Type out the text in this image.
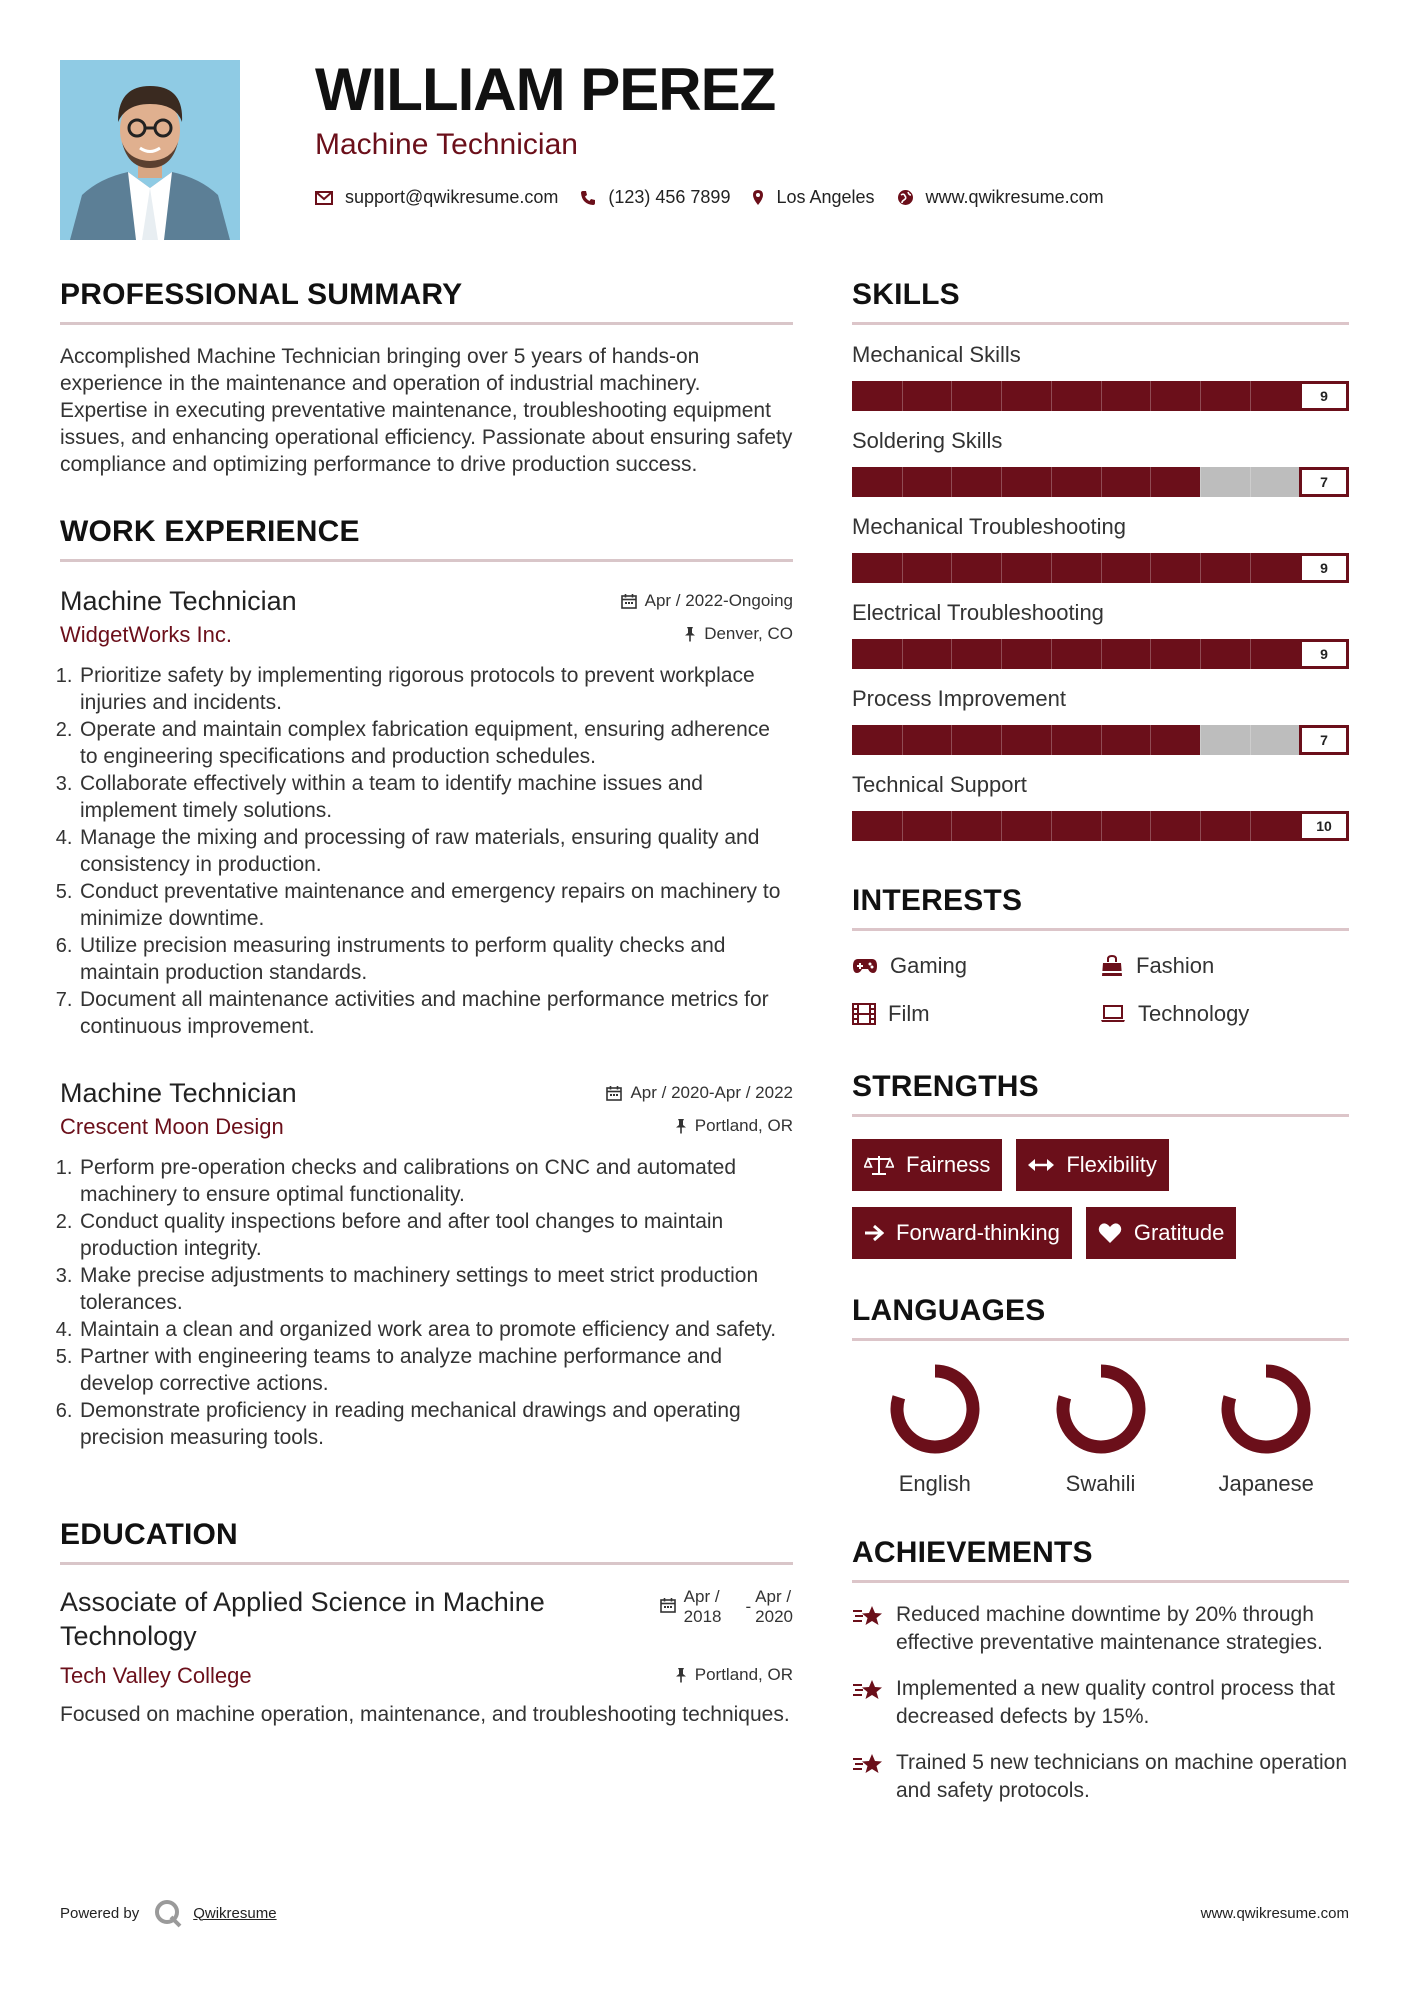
WILLIAM PEREZ
Machine Technician
support@qwikresume.com	(123) 456 7899	Los Angeles	www.qwikresume.com
PROFESSIONAL SUMMARY

Accomplished Machine Technician bringing over 5 years of hands-on experience in the maintenance and operation of industrial machinery. Expertise in executing preventative maintenance, troubleshooting equipment issues, and enhancing operational efficiency. Passionate about ensuring safety compliance and optimizing performance to drive production success.

WORK EXPERIENCE
Machine Technician	Apr / 2022-Ongoing
WidgetWorks Inc.	Denver, CO
1. Prioritize safety by implementing rigorous protocols to prevent workplace injuries and incidents.
2. Operate and maintain complex fabrication equipment, ensuring adherence to engineering specifications and production schedules.
3. Collaborate effectively within a team to identify machine issues and implement timely solutions.
4. Manage the mixing and processing of raw materials, ensuring quality and consistency in production.
5. Conduct preventative maintenance and emergency repairs on machinery to minimize downtime.
6. Utilize precision measuring instruments to perform quality checks and maintain production standards.
7. Document all maintenance activities and machine performance metrics for continuous improvement.
Machine Technician	Apr / 2020-Apr / 2022
Crescent Moon Design	Portland, OR
1. Perform pre-operation checks and calibrations on CNC and automated machinery to ensure optimal functionality.
2. Conduct quality inspections before and after tool changes to maintain production integrity.
3. Make precise adjustments to machinery settings to meet strict production tolerances.
4. Maintain a clean and organized work area to promote efficiency and safety.
5. Partner with engineering teams to analyze machine performance and develop corrective actions.
6. Demonstrate proficiency in reading mechanical drawings and operating precision measuring tools.
EDUCATION
Associate of Applied Science in Machine Technology
Apr /
2018
-
Apr /
2020
Tech Valley College	Portland, OR

Focused on machine operation, maintenance, and troubleshooting techniques.

SKILLS
Mechanical Skills
9
Soldering Skills
7
Mechanical Troubleshooting
9
Electrical Troubleshooting
9
Process Improvement
7
Technical Support
10
INTERESTS
Gaming	Fashion
Film	Technology
STRENGTHS
Fairness	Flexibility
Forward-thinking	Gratitude
LANGUAGES
English	Swahili	Japanese
ACHIEVEMENTS
Reduced machine downtime by 20% through effective preventative maintenance strategies.
Implemented a new quality control process that decreased defects by 15%.
Trained 5 new technicians on machine operation and safety protocols.
Powered by	Qwikresume	www.qwikresume.com
